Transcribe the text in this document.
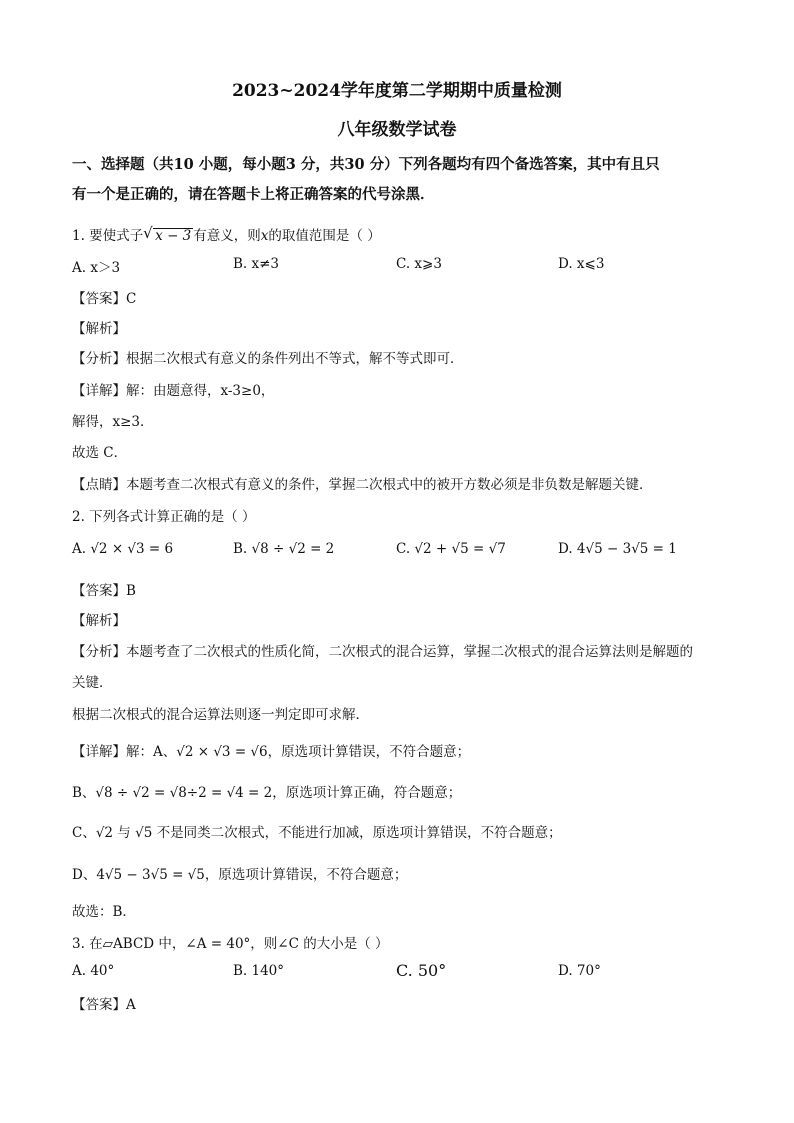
2023~2024学年度第二学期期中质量检测
八年级数学试卷
一、选择题（共10 小题，每小题3 分，共30 分）下列各题均有四个备选答案，其中有且只
有一个是正确的，请在答题卡上将正确答案的代号涂黑．
1. 要使式子√ x − 3 有意义，则x的取值范围是（ ）
A. x＞3	B. x≠3	C. x⩾3	D. x⩽3
【答案】C
【解析】
【分析】根据二次根式有意义的条件列出不等式，解不等式即可．
【详解】解：由题意得，x-3≥0，
解得，x≥3．
故选 C．
【点睛】本题考查二次根式有意义的条件，掌握二次根式中的被开方数必须是非负数是解题关键．
2. 下列各式计算正确的是（ ）
A. √2 × √3 = 6	B. √8 ÷ √2 = 2	C. √2 + √5 = √7	D. 4√5 − 3√5 = 1
【答案】B
【解析】
【分析】本题考查了二次根式的性质化简，二次根式的混合运算，掌握二次根式的混合运算法则是解题的
关键．
根据二次根式的混合运算法则逐一判定即可求解．
【详解】解：A、√2 × √3 = √6，原选项计算错误，不符合题意；
B、√8 ÷ √2 = √8÷2 = √4 = 2，原选项计算正确，符合题意；
C、√2 与 √5 不是同类二次根式，不能进行加减，原选项计算错误，不符合题意；
D、4√5 − 3√5 = √5，原选项计算错误，不符合题意；
故选：B．
3. 在▱ABCD 中，∠A = 40°，则∠C 的大小是（ ）
A. 40°	B. 140°	C. 50°	D. 70°
【答案】A
